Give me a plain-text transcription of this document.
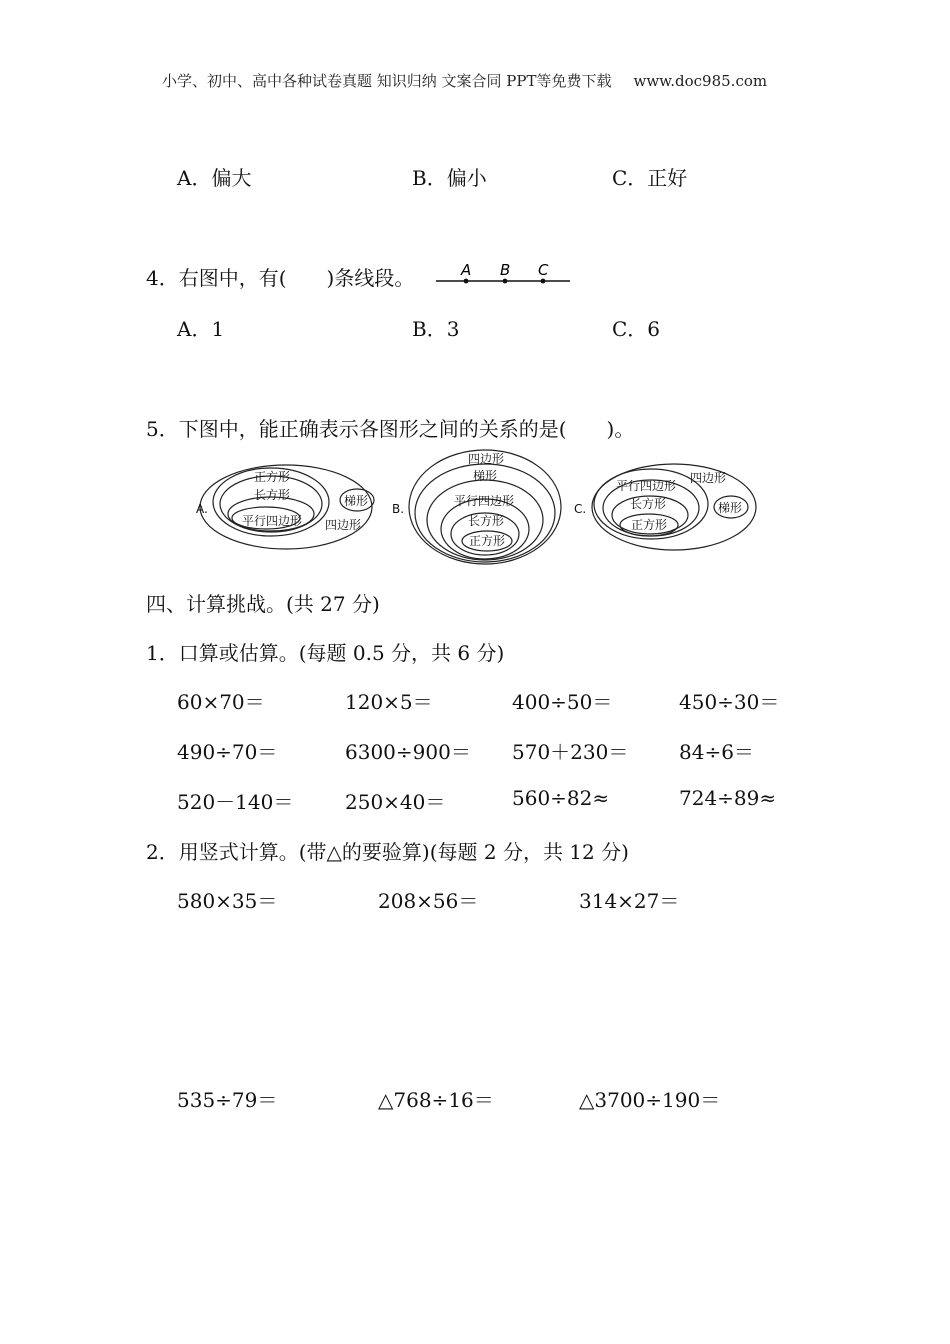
小学、初中、高中各种试卷真题 知识归纳 文案合同 PPT等免费下载 www.doc985.com
A．偏大	B．偏小	C．正好
4．右图中，有(　　)条线段。	A B C
A．1	B．3	C．6
5．下图中，能正确表示各图形之间的关系的是(　　)。
A.
正方形
长方形
平行四边形
梯形
四边形
B.
四边形
梯形
平行四边形
长方形
正方形
C.
四边形
平行四边形
长方形
正方形
梯形
四、计算挑战。(共 27 分)
1．口算或估算。(每题 0.5 分，共 6 分)
60×70＝	120×5＝	400÷50＝	450÷30＝
490÷70＝	6300÷900＝ 570＋230＝	84÷6＝
520－140＝	250×40＝	560÷82≈	724÷89≈
2．用竖式计算。(带△的要验算)(每题 2 分，共 12 分)
580×35＝	208×56＝	314×27＝
535÷79＝	△768÷16＝	△3700÷190＝
